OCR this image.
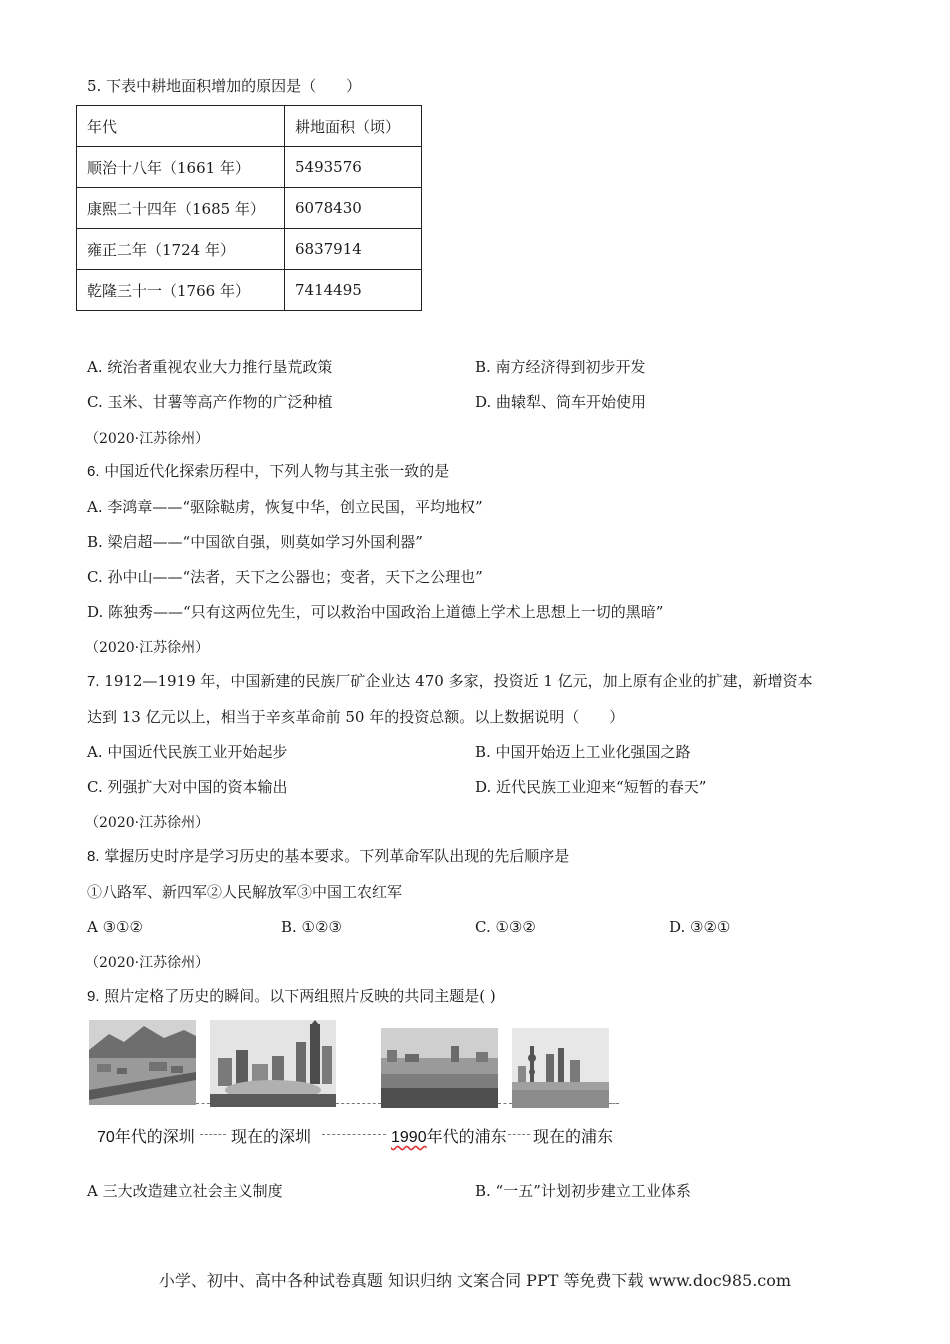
5. 下表中耕地面积增加的原因是（　　）
年代	耕地面积（顷）
顺治十八年（1661 年）	5493576
康熙二十四年（1685 年）	6078430
雍正二年（1724 年）	6837914
乾隆三十一（1766 年）	7414495
A. 统治者重视农业大力推行垦荒政策	B. 南方经济得到初步开发
C. 玉米、甘薯等高产作物的广泛种植	D. 曲辕犁、筒车开始使用
（2020·江苏徐州）
6. 中国近代化探索历程中，下列人物与其主张一致的是
A. 李鸿章——“驱除鞑虏，恢复中华，创立民国，平均地权”
B. 梁启超——“中国欲自强，则莫如学习外国利器”
C. 孙中山——“法者，天下之公器也；变者，天下之公理也”
D. 陈独秀——“只有这两位先生，可以救治中国政治上道德上学术上思想上一切的黑暗”
（2020·江苏徐州）
7. 1912—1919 年，中国新建的民族厂矿企业达 470 多家，投资近 1 亿元，加上原有企业的扩建，新增资本
达到 13 亿元以上，相当于辛亥革命前 50 年的投资总额。以上数据说明（　　）
A. 中国近代民族工业开始起步	B. 中国开始迈上工业化强国之路
C. 列强扩大对中国的资本输出	D. 近代民族工业迎来“短暂的春天”
（2020·江苏徐州）
8. 掌握历史时序是学习历史的基本要求。下列革命军队出现的先后顺序是
①八路军、新四军②人民解放军③中国工农红军
A ③①②	B. ①②③	C. ①③②	D. ③②①
（2020·江苏徐州）
9. 照片定格了历史的瞬间。以下两组照片反映的共同主题是( )
70年代的深圳 现在的深圳	1990年代的浦东 现在的浦东
A 三大改造建立社会主义制度	B. “一五”计划初步建立工业体系
小学、初中、高中各种试卷真题 知识归纳 文案合同 PPT 等免费下载 www.doc985.com
